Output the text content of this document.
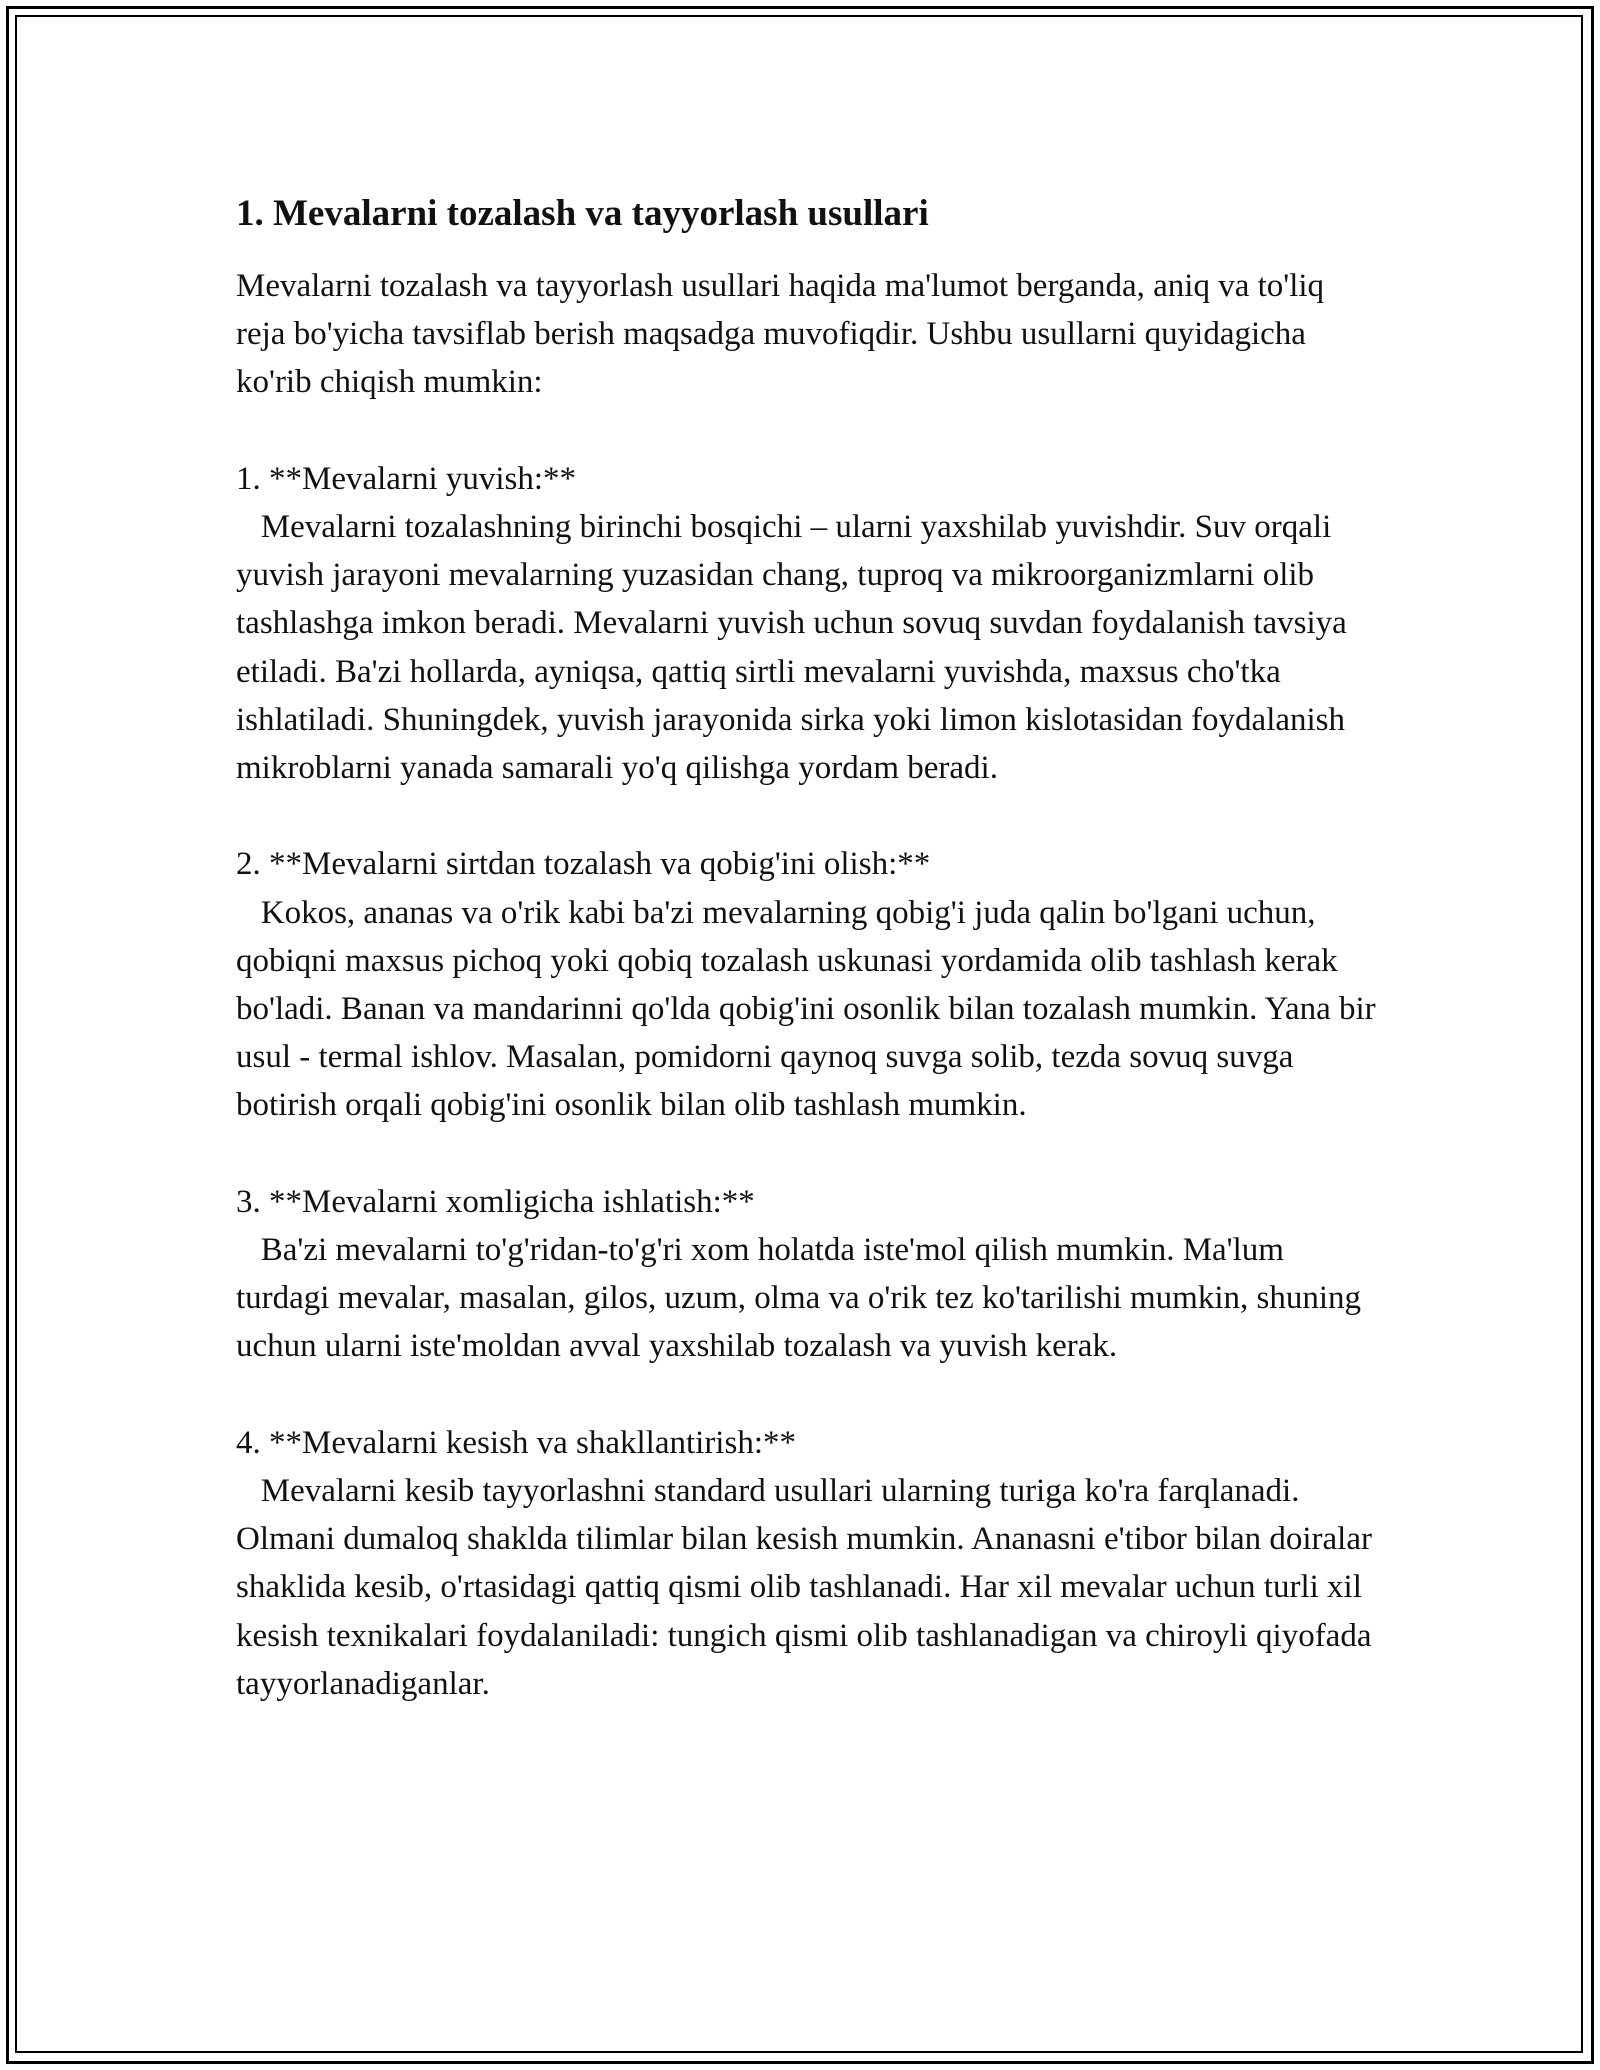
1. Mevalarni tozalash va tayyorlash usullari

Mevalarni tozalash va tayyorlash usullari haqida ma'lumot berganda, aniq va to'liq reja bo'yicha tavsiflab berish maqsadga muvofiqdir. Ushbu usullarni quyidagicha ko'rib chiqish mumkin:

1. **Mevalarni yuvish:**

Mevalarni tozalashning birinchi bosqichi – ularni yaxshilab yuvishdir. Suv orqali yuvish jarayoni mevalarning yuzasidan chang, tuproq va mikroorganizmlarni olib tashlashga imkon beradi. Mevalarni yuvish uchun sovuq suvdan foydalanish tavsiya etiladi. Ba'zi hollarda, ayniqsa, qattiq sirtli mevalarni yuvishda, maxsus cho'tka ishlatiladi. Shuningdek, yuvish jarayonida sirka yoki limon kislotasidan foydalanish mikroblarni yanada samarali yo'q qilishga yordam beradi.

2. **Mevalarni sirtdan tozalash va qobig'ini olish:**

Kokos, ananas va o'rik kabi ba'zi mevalarning qobig'i juda qalin bo'lgani uchun, qobiqni maxsus pichoq yoki qobiq tozalash uskunasi yordamida olib tashlash kerak bo'ladi. Banan va mandarinni qo'lda qobig'ini osonlik bilan tozalash mumkin. Yana bir usul - termal ishlov. Masalan, pomidorni qaynoq suvga solib, tezda sovuq suvga botirish orqali qobig'ini osonlik bilan olib tashlash mumkin.

3. **Mevalarni xomligicha ishlatish:**

Ba'zi mevalarni to'g'ridan-to'g'ri xom holatda iste'mol qilish mumkin. Ma'lum turdagi mevalar, masalan, gilos, uzum, olma va o'rik tez ko'tarilishi mumkin, shuning uchun ularni iste'moldan avval yaxshilab tozalash va yuvish kerak.

4. **Mevalarni kesish va shakllantirish:**

Mevalarni kesib tayyorlashni standard usullari ularning turiga ko'ra farqlanadi. Olmani dumaloq shaklda tilimlar bilan kesish mumkin. Ananasni e'tibor bilan doiralar shaklida kesib, o'rtasidagi qattiq qismi olib tashlanadi. Har xil mevalar uchun turli xil kesish texnikalari foydalaniladi: tungich qismi olib tashlanadigan va chiroyli qiyofada tayyorlanadiganlar.
